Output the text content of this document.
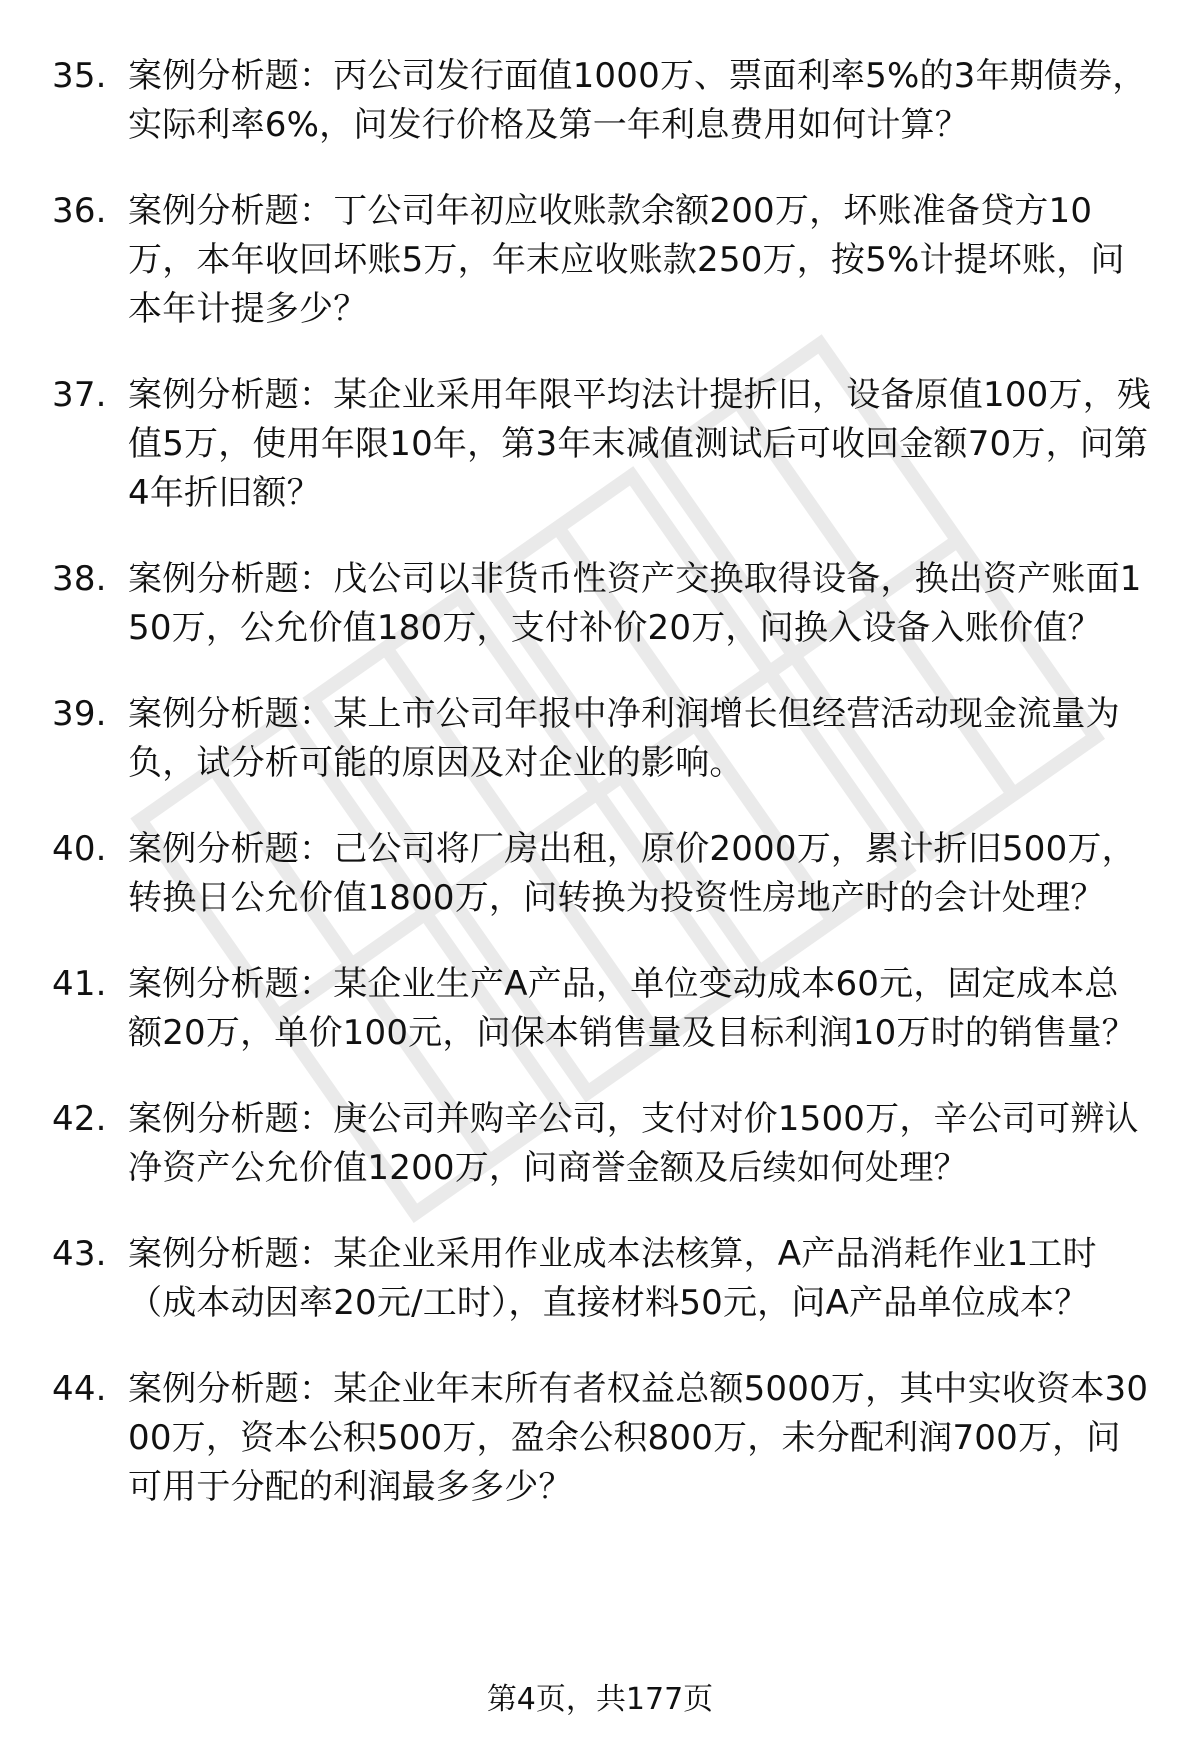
35. 案例分析题：丙公司发行面值1000万、票面利率5%的3年期债券，实际利率6%，问发行价格及第一年利息费用如何计算？
36. 案例分析题：丁公司年初应收账款余额200万，坏账准备贷方10万，本年收回坏账5万，年末应收账款250万，按5%计提坏账，问本年计提多少？
37. 案例分析题：某企业采用年限平均法计提折旧，设备原值100万，残值5万，使用年限10年，第3年末减值测试后可收回金额70万，问第4年折旧额？
38. 案例分析题：戊公司以非货币性资产交换取得设备，换出资产账面150万，公允价值180万，支付补价20万，问换入设备入账价值？
39. 案例分析题：某上市公司年报中净利润增长但经营活动现金流量为负，试分析可能的原因及对企业的影响。
40. 案例分析题：己公司将厂房出租，原价2000万，累计折旧500万，转换日公允价值1800万，问转换为投资性房地产时的会计处理？
41. 案例分析题：某企业生产A产品，单位变动成本60元，固定成本总额20万，单价100元，问保本销售量及目标利润10万时的销售量？
42. 案例分析题：庚公司并购辛公司，支付对价1500万，辛公司可辨认净资产公允价值1200万，问商誉金额及后续如何处理？
43. 案例分析题：某企业采用作业成本法核算，A产品消耗作业1工时（成本动因率20元/工时），直接材料50元，问A产品单位成本？
44. 案例分析题：某企业年末所有者权益总额5000万，其中实收资本3000万，资本公积500万，盈余公积800万，未分配利润700万，问可用于分配的利润最多多少？
第4页，共177页
